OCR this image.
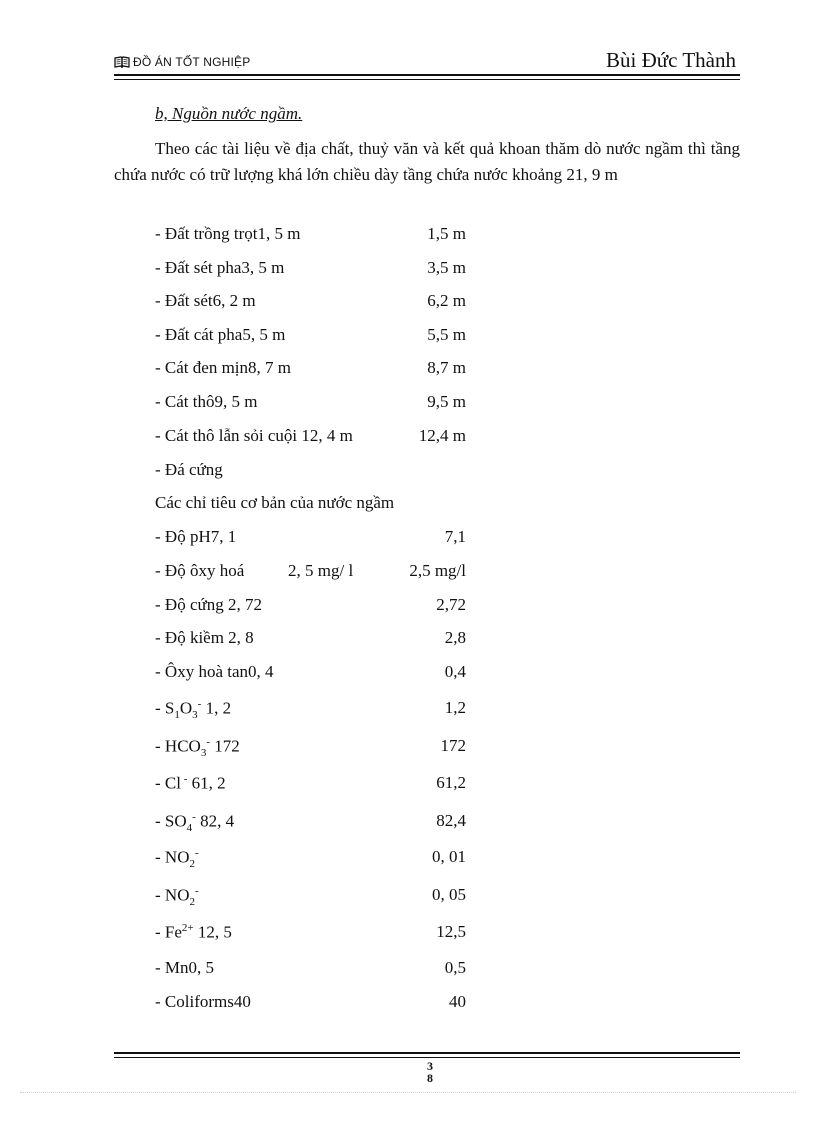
ĐỒ ÁN TỐT NGHIỆP	Bùi Đức Thành
b, Nguồn nước ngầm.

Theo các tài liệu về địa chất, thuỷ văn và kết quả khoan thăm dò nước ngầm thì tầng chứa nước có trữ lượng khá lớn chiều dày tầng chứa nước khoảng 21, 9 m

- Đất trồng trọt1, 5 m	1,5 m
- Đất sét pha3, 5 m	3,5 m
- Đất sét6, 2 m	6,2 m
- Đất cát pha5, 5 m	5,5 m
- Cát đen mịn8, 7 m	8,7 m
- Cát thô9, 5 m	9,5 m
- Cát thô lẫn sỏi cuội 12, 4 m	12,4 m
- Đá cứng
Các chỉ tiêu cơ bản của nước ngầm
- Độ pH7, 1	7,1
- Độ ôxy hoá	2, 5 mg/ l	2,5 mg/l
- Độ cứng 2, 72	2,72
- Độ kiềm 2, 8	2,8
- Ôxy hoà tan0, 4	0,4
- $S_1O_3^-$ 1, 2	1,2
- $HCO_3^-$ 172	172
- Cl - 61, 2	61,2
- $SO_4^-$ 82, 4	82,4
- $NO_2^-$	0, 01
- $NO_2^-$	0, 05
- $Fe^{2+}$ 12, 5	12,5
- Mn0, 5	0,5
- Coliforms40	40
3
8
